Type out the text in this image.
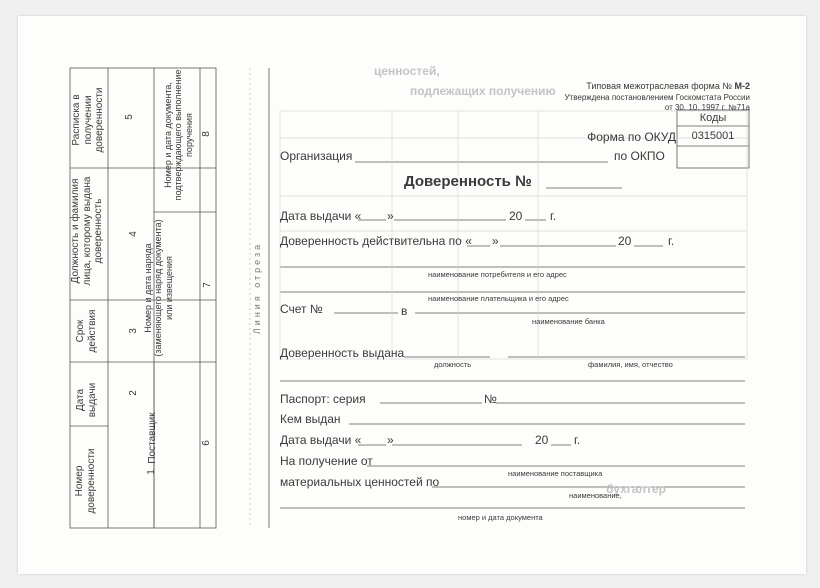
ценностей,
подлежащих получению
бухгалтер
Номер доверенности	1
Дата выдачи	2
Срок действия	3
Должность и фамилия лица, которому выдана доверенность	4
Расписка в получении доверенности 5
Поставщик	6
Номер и дата наряда (заменяющего наряд документа) или извещения	7
Номер и дата документа, подтверждающего выполнение поручения 8
Линия отреза
Типовая межотраслевая форма № М-2
Утверждена постановлением Госкомстата России
от 30. 10. 1997 г. №71а
Коды
0315001
Форма по ОКУД
по ОКПО
Организация
Доверенность №
Дата выдачи « »	20 г.
Доверенность действительна по « »	20	г.
наименование потребителя и его адрес
наименование плательщика и его адрес
Счет №	в
наименование банка
Доверенность выдана
должность	фамилия, имя, отчество
Паспорт: серия	№
Кем выдан
Дата выдачи « »	20 г.
На получение от
наименование поставщика
материальных ценностей по
наименование,
номер и дата документа
